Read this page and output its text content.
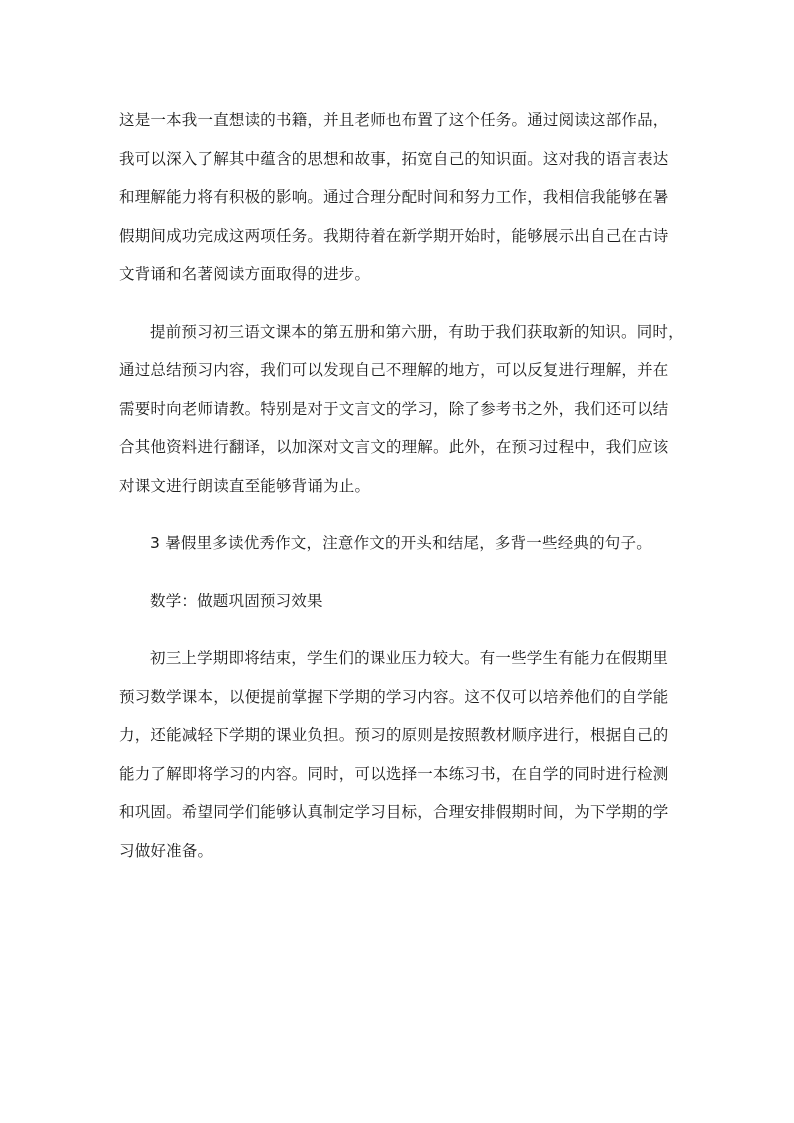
这是一本我一直想读的书籍，并且老师也布置了这个任务。通过阅读这部作品，
我可以深入了解其中蕴含的思想和故事，拓宽自己的知识面。这对我的语言表达
和理解能力将有积极的影响。通过合理分配时间和努力工作，我相信我能够在暑
假期间成功完成这两项任务。我期待着在新学期开始时，能够展示出自己在古诗
文背诵和名著阅读方面取得的进步。

提前预习初三语文课本的第五册和第六册，有助于我们获取新的知识。同时，
通过总结预习内容，我们可以发现自己不理解的地方，可以反复进行理解，并在
需要时向老师请教。特别是对于文言文的学习，除了参考书之外，我们还可以结
合其他资料进行翻译，以加深对文言文的理解。此外，在预习过程中，我们应该
对课文进行朗读直至能够背诵为止。

3 暑假里多读优秀作文，注意作文的开头和结尾，多背一些经典的句子。

数学：做题巩固预习效果

初三上学期即将结束，学生们的课业压力较大。有一些学生有能力在假期里
预习数学课本，以便提前掌握下学期的学习内容。这不仅可以培养他们的自学能
力，还能减轻下学期的课业负担。预习的原则是按照教材顺序进行，根据自己的
能力了解即将学习的内容。同时，可以选择一本练习书，在自学的同时进行检测
和巩固。希望同学们能够认真制定学习目标，合理安排假期时间，为下学期的学
习做好准备。
